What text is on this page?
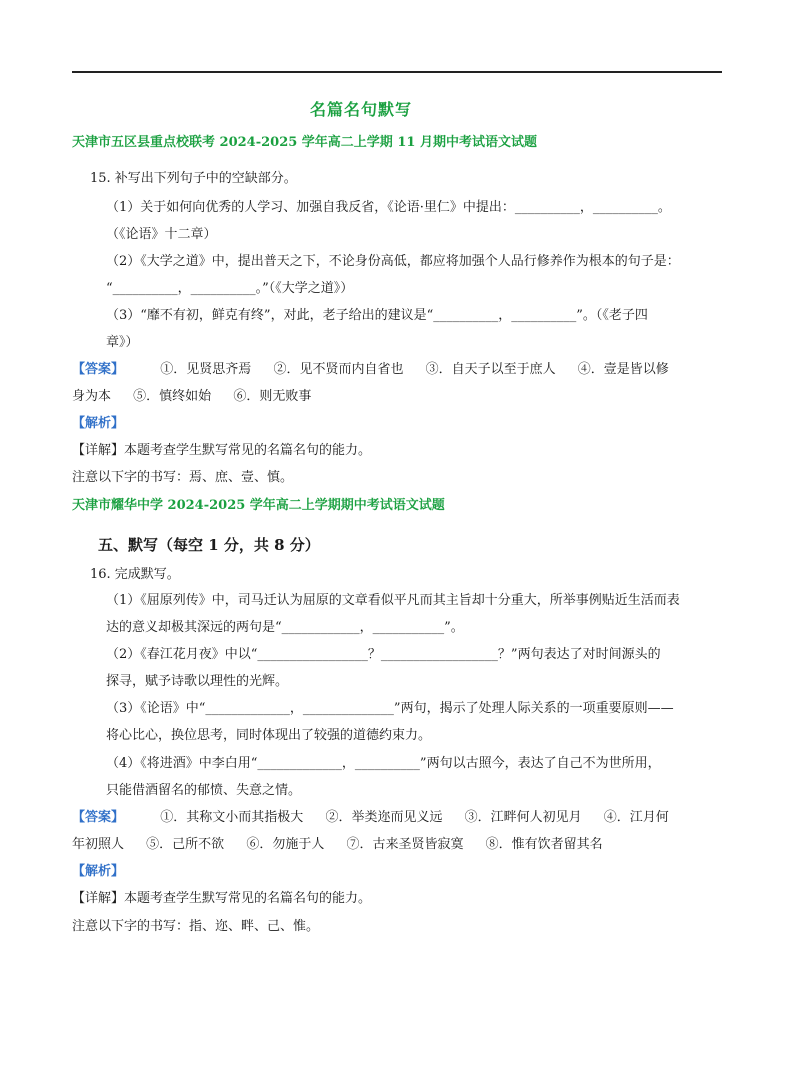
名篇名句默写
天津市五区县重点校联考 2024-2025 学年高二上学期 11 月期中考试语文试题
15. 补写出下列句子中的空缺部分。
（1）关于如何向优秀的人学习、加强自我反省，《论语·里仁》中提出：__________，__________。
（《论语》十二章）
（2）《大学之道》中，提出普天之下，不论身份高低，都应将加强个人品行修养作为根本的句子是：
“__________，__________。”（《大学之道》）
（3）“靡不有初，鲜克有终”，对此，老子给出的建议是“__________，__________”。（《老子四
章》）
【答案】	①．见贤思齐焉 ②．见不贤而内自省也 ③．自天子以至于庶人 ④．壹是皆以修
身为本 ⑤．慎终如始 ⑥．则无败事
【解析】
【详解】本题考查学生默写常见的名篇名句的能力。
注意以下字的书写：焉、庶、壹、慎。
天津市耀华中学 2024-2025 学年高二上学期期中考试语文试题
五、默写（每空 1 分，共 8 分）
16. 完成默写。
（1）《屈原列传》中，司马迁认为屈原的文章看似平凡而其主旨却十分重大，所举事例贴近生活而表
达的意义却极其深远的两句是“____________，___________”。
（2）《春江花月夜》中以“_________________？__________________？”两句表达了对时间源头的
探寻，赋予诗歌以理性的光辉。
（3）《论语》中“_____________，______________”两句，揭示了处理人际关系的一项重要原则——
将心比心，换位思考，同时体现出了较强的道德约束力。
（4）《将进酒》中李白用“_____________，__________”两句以古照今，表达了自己不为世所用，
只能借酒留名的郁愤、失意之情。
【答案】	①．其称文小而其指极大 ②．举类迩而见义远 ③．江畔何人初见月 ④．江月何
年初照人 ⑤．己所不欲 ⑥．勿施于人 ⑦．古来圣贤皆寂寞 ⑧．惟有饮者留其名
【解析】
【详解】本题考查学生默写常见的名篇名句的能力。
注意以下字的书写：指、迩、畔、己、惟。
